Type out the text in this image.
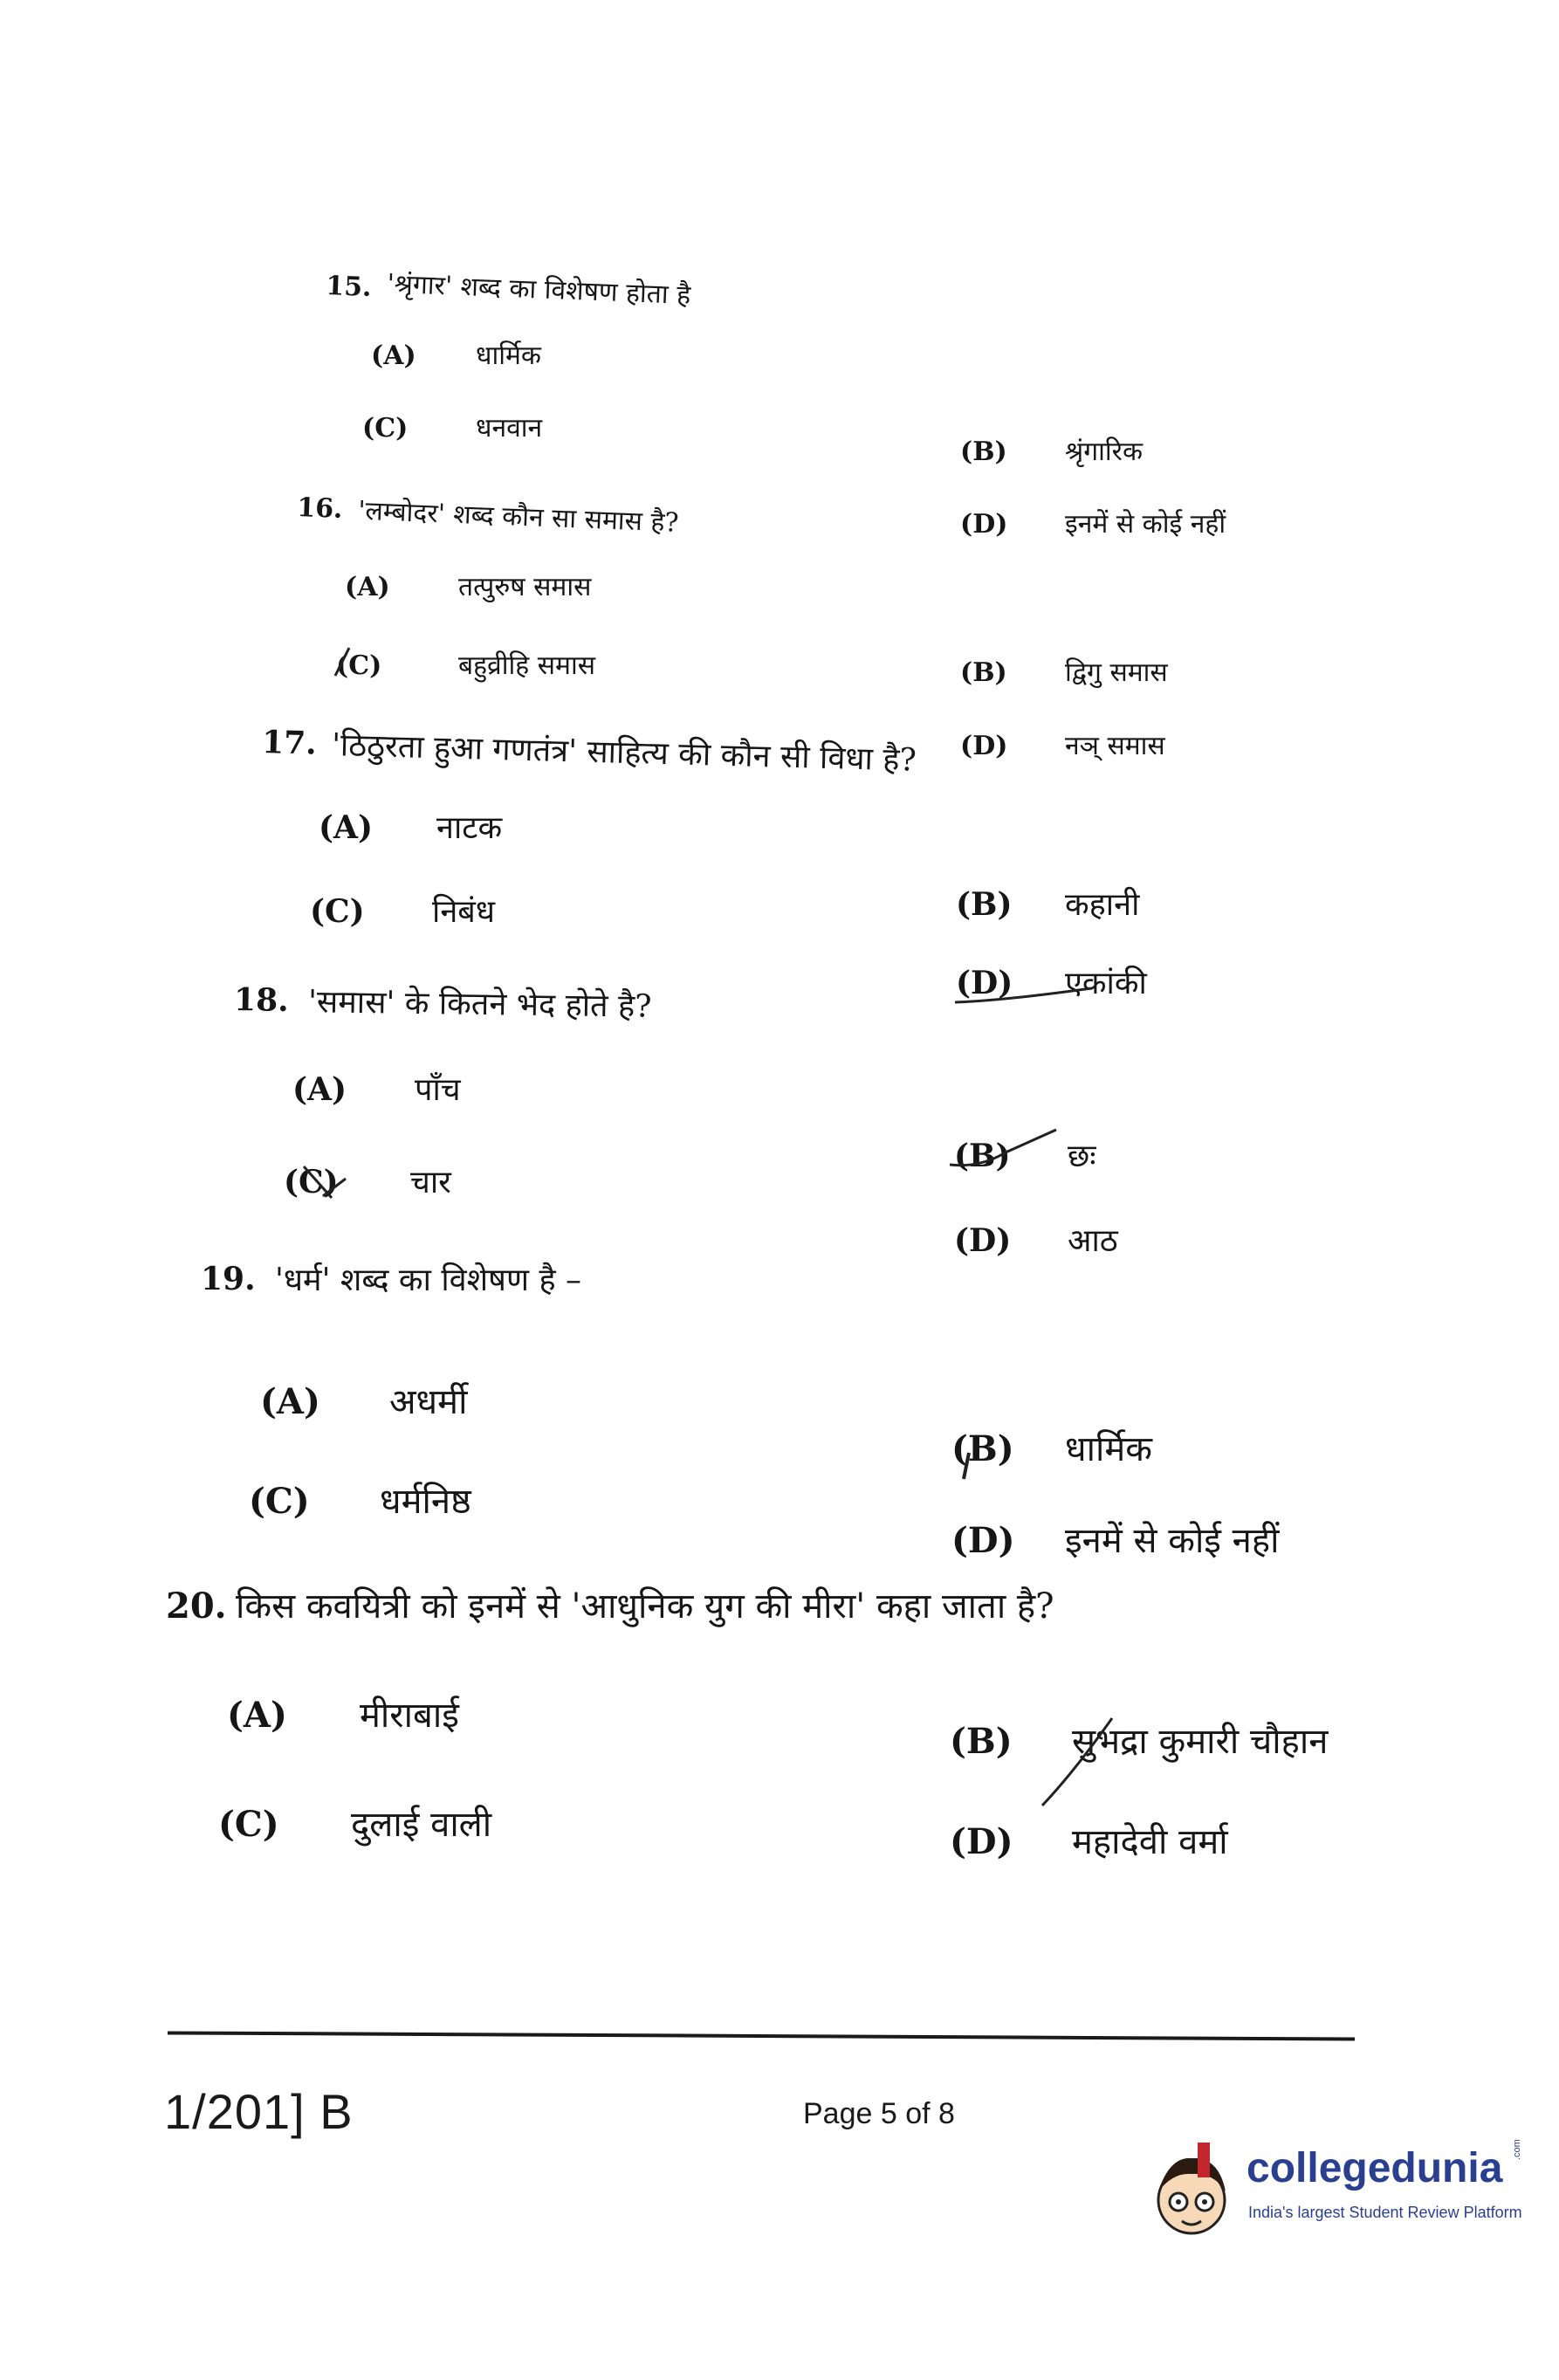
15. 'श्रृंगार' शब्द का विशेषण होता है
(A) धार्मिक
(B) श्रृंगारिक
(C)	धनवान
(D) इनमें से कोई नहीं
16. 'लम्बोदर' शब्द कौन सा समास है?
(A)	तत्पुरुष समास
(B) द्विगु समास
(C)	बहुव्रीहि समास
(D) नञ् समास
17. 'ठिठुरता हुआ गणतंत्र' साहित्य की कौन सी विधा है?
(A) नाटक
(B) कहानी
(C) निबंध
(D) एकांकी
18. 'समास' के कितने भेद होते है?
(A) पाँच
(B) छः
(C) चार
(D) आठ
19. 'धर्म' शब्द का विशेषण है –
(A) अधर्मी
(B) धार्मिक
(C) धर्मनिष्ठ
(D) इनमें से कोई नहीं
20. किस कवयित्री को इनमें से 'आधुनिक युग की मीरा' कहा जाता है?
(A) मीराबाई
(B) सुभद्रा कुमारी चौहान
(C) दुलाई वाली	(D) महादेवी वर्मा
1/201] B	Page 5 of 8
collegedunia .com
India's largest Student Review Platform
